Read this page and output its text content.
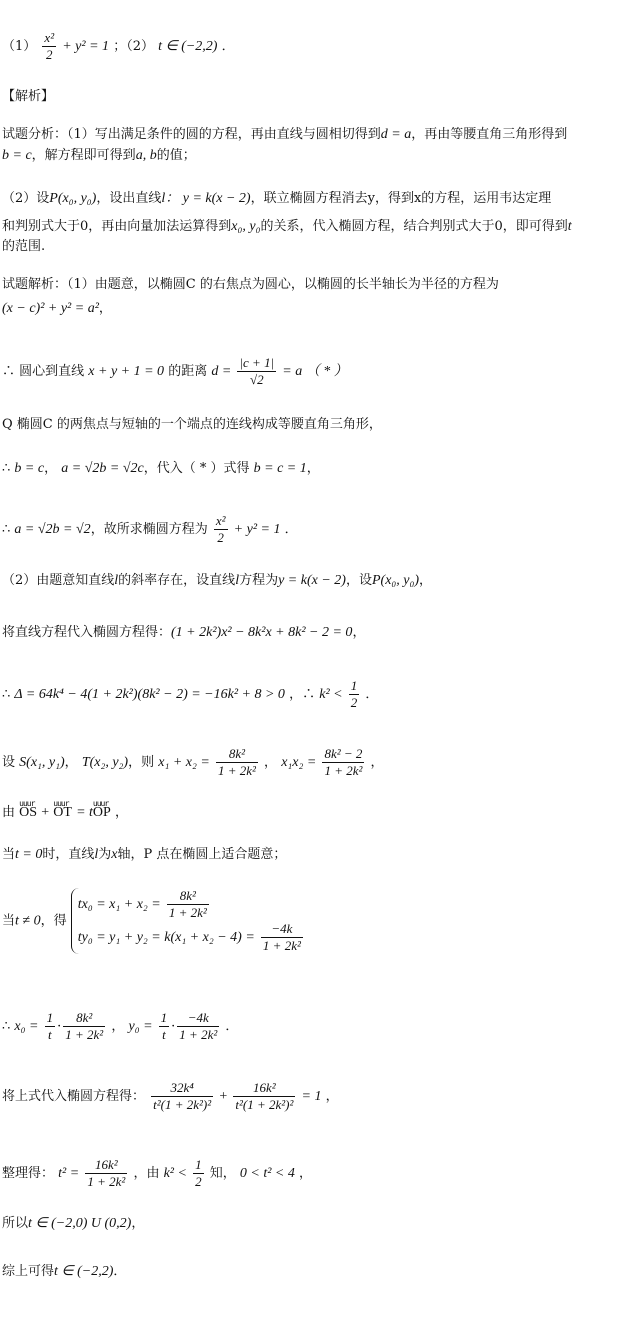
$(1) \frac{\text{x²}}{2} + y^2 = 1$ ；（2） t ∈ (−2,2) ．
【解析】
试题分析：（1）写出满足条件的圆的方程，再由直线与圆相切得到d = a，再由等腰直角三角形得到
b = c，解方程即可得到a, b的值；
（2）设P(x₀, y₀)，设出直线l： y = k(x − 2)，联立椭圆方程消去y，得到x的方程，运用韦达定理
和判别式大于0，再由向量加法运算得到x₀, y₀的关系，代入椭圆方程，结合判别式大于0，即可得到t
的范围.
试题解析：（1）由题意，以椭圆C 的右焦点为圆心，以椭圆的长半轴长为半径的方程为
(x − c)² + y² = a²，
∴ 圆心到直线 x + y + 1 = 0 的距离 $d = \frac{|c + 1|}{√2} = a$ （ * ）
Q 椭圆C 的两焦点与短轴的一个端点的连线构成等腰直角三角形，
∴ b = c， a = √2b = √2c，代入（ * ）式得 b = c = 1，
∴ a = √2b = √2，故所求椭圆方程为 $\frac{\text{x²}}{2} + y^2 = 1$ ．
（2）由题意知直线l的斜率存在，设直线l方程为y = k(x − 2)，设P(x₀, y₀)，
将直线方程代入椭圆方程得：(1 + 2k²)x² − 8k²x + 8k² − 2 = 0，
∴ Δ = 64k⁴ − 4(1 + 2k²)(8k² − 2) = −16k² + 8 > 0 ，∴ $k^2 < \frac{1}{2}$ ．
设 S(x₁, y₁)， T(x₂, y₂)，则 $x_1 + x_2 = \frac{\text{8k²}}{\text{1 + 2k²}}$ ， $x_1x_2 = \frac{\text{8k² − 2}}{\text{1 + 2k²}}$ ，
由 uuur OS + uuur OT = tuuur OP ，
当t = 0时，直线l为x轴，P 点在椭圆上适合题意；
当t ≠ 0，得
$tx_0 = x_1 + x_2 = \frac{\text{8k²}}{\text{1 + 2k²}}$
$ty_0 = y_1 + y_2 = k(x_1 + x_2 - 4) = \frac{-4k}{\text{1 + 2k²}}$
∴ $x_0 = \frac{1}{t} \cdot \frac{\text{8k²}}{\text{1 + 2k²}}$ ， $y_0 = \frac{1}{t} \cdot \frac{-4k}{\text{1 + 2k²}}$ ．
将上式代入椭圆方程得： $\frac{\text{32k⁴}}{\text{t²(1 + 2k²)²}} + \frac{\text{16k²}}{\text{t²(1 + 2k²)²}} = 1$ ，
整理得： $t^2 = \frac{\text{16k²}}{\text{1 + 2k²}}$ ，由 $k^2 < \frac{1}{2}$ 知， 0 < t² < 4 ，
所以t ∈ (−2,0) U (0,2)，
综上可得t ∈ (−2,2)．
